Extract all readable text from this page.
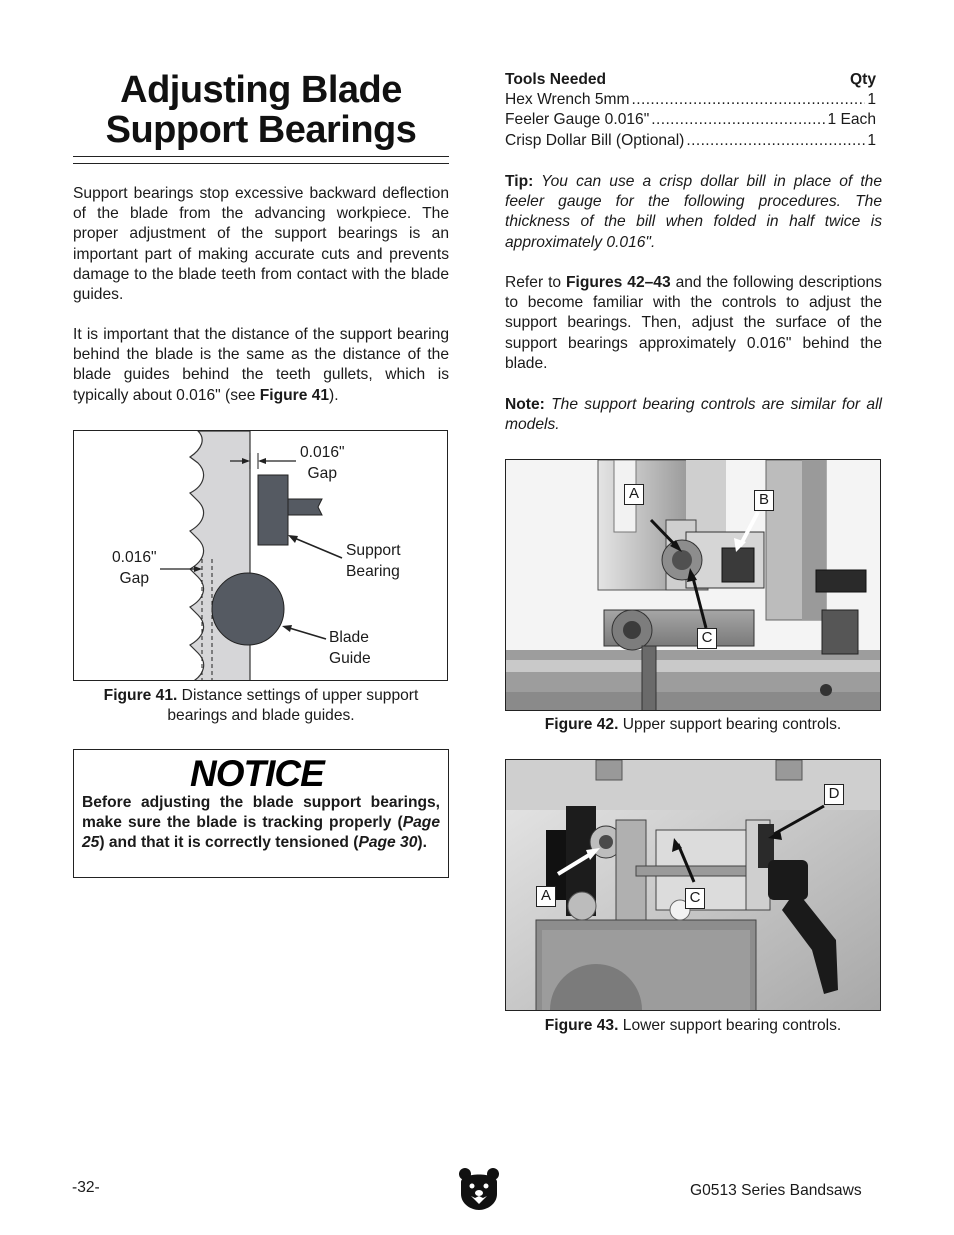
Adjusting Blade
Support Bearings
Support bearings stop excessive backward deflection of the blade from the advancing workpiece. The proper adjustment of the support bearings is an important part of making accurate cuts and prevents damage to the blade teeth from contact with the blade guides.
It is important that the distance of the support bearing behind the blade is the same as the distance of the blade guides behind the teeth gullets, which is typically about 0.016" (see Figure 41).
0.016"
Gap
0.016"
Gap
Support
Bearing
Blade
Guide
Figure 41. Distance settings of upper support bearings and blade guides.
NOTICE
Before adjusting the blade support bearings, make sure the blade is tracking properly (Page 25) and that it is correctly tensioned (Page 30).
Tools Needed	Qty
Hex Wrench 5mm .....	1
Feeler Gauge 0.016" .....	1 Each
Crisp Dollar Bill (Optional) .....	1
Tip: You can use a crisp dollar bill in place of the feeler gauge for the following procedures. The thickness of the bill when folded in half twice is approximately 0.016".
Refer to Figures 42–43 and the following descriptions to become familiar with the controls to adjust the support bearings. Then, adjust the surface of the support bearings approximately 0.016" behind the blade.
Note: The support bearing controls are similar for all models.
A	B
C
Figure 42. Upper support bearing controls.
A	C
D
Figure 43. Lower support bearing controls.
-32-	G0513 Series Bandsaws
